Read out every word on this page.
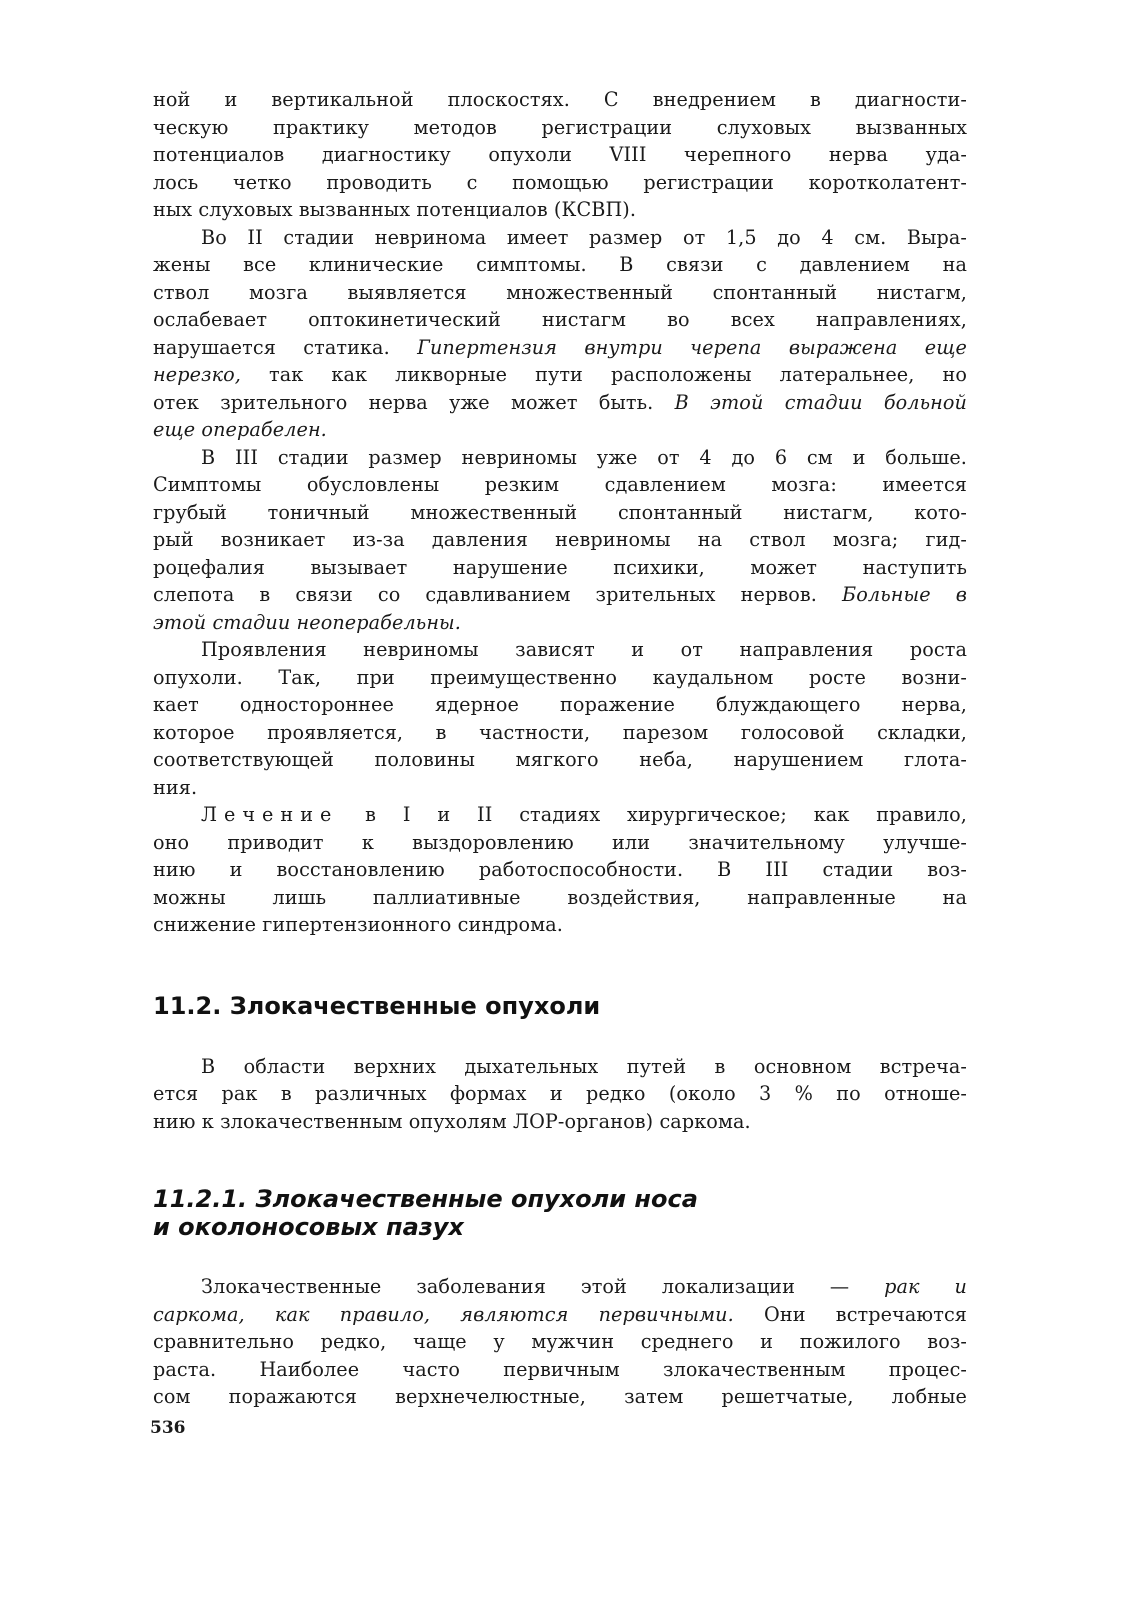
ной и вертикальной плоскостях. С внедрением в диагности-
ческую практику методов регистрации слуховых вызванных
потенциалов диагностику опухоли VIII черепного нерва уда-
лось четко проводить с помощью регистрации коротколатент-
ных слуховых вызванных потенциалов (КСВП).

Во II стадии невринома имеет размер от 1,5 до 4 см. Выра-
жены все клинические симптомы. В связи с давлением на
ствол мозга выявляется множественный спонтанный нистагм,
ослабевает оптокинетический нистагм во всех направлениях,
нарушается статика. Гипертензия внутри черепа выражена еще
нерезко, так как ликворные пути расположены латеральнее, но
отек зрительного нерва уже может быть. В этой стадии больной
еще операбелен.

В III стадии размер невриномы уже от 4 до 6 см и больше.
Симптомы обусловлены резким сдавлением мозга: имеется
грубый тоничный множественный спонтанный нистагм, кото-
рый возникает из-за давления невриномы на ствол мозга; гид-
роцефалия вызывает нарушение психики, может наступить
слепота в связи со сдавливанием зрительных нервов. Больные в
этой стадии неоперабельны.

Проявления невриномы зависят и от направления роста
опухоли. Так, при преимущественно каудальном росте возни-
кает одностороннее ядерное поражение блуждающего нерва,
которое проявляется, в частности, парезом голосовой складки,
соответствующей половины мягкого неба, нарушением глота-
ния.

Лечение в I и II стадиях хирургическое; как правило,
оно приводит к выздоровлению или значительному улучше-
нию и восстановлению работоспособности. В III стадии воз-
можны лишь паллиативные воздействия, направленные на
снижение гипертензионного синдрома.

11.2. Злокачественные опухоли

В области верхних дыхательных путей в основном встреча-
ется рак в различных формах и редко (около 3 % по отноше-
нию к злокачественным опухолям ЛОР-органов) саркома.

11.2.1. Злокачественные опухоли носа
и околоносовых пазух

Злокачественные заболевания этой локализации — рак и
саркома, как правило, являются первичными. Они встречаются
сравнительно редко, чаще у мужчин среднего и пожилого воз-
раста. Наиболее часто первичным злокачественным процес-
сом поражаются верхнечелюстные, затем решетчатые, лобные

536
